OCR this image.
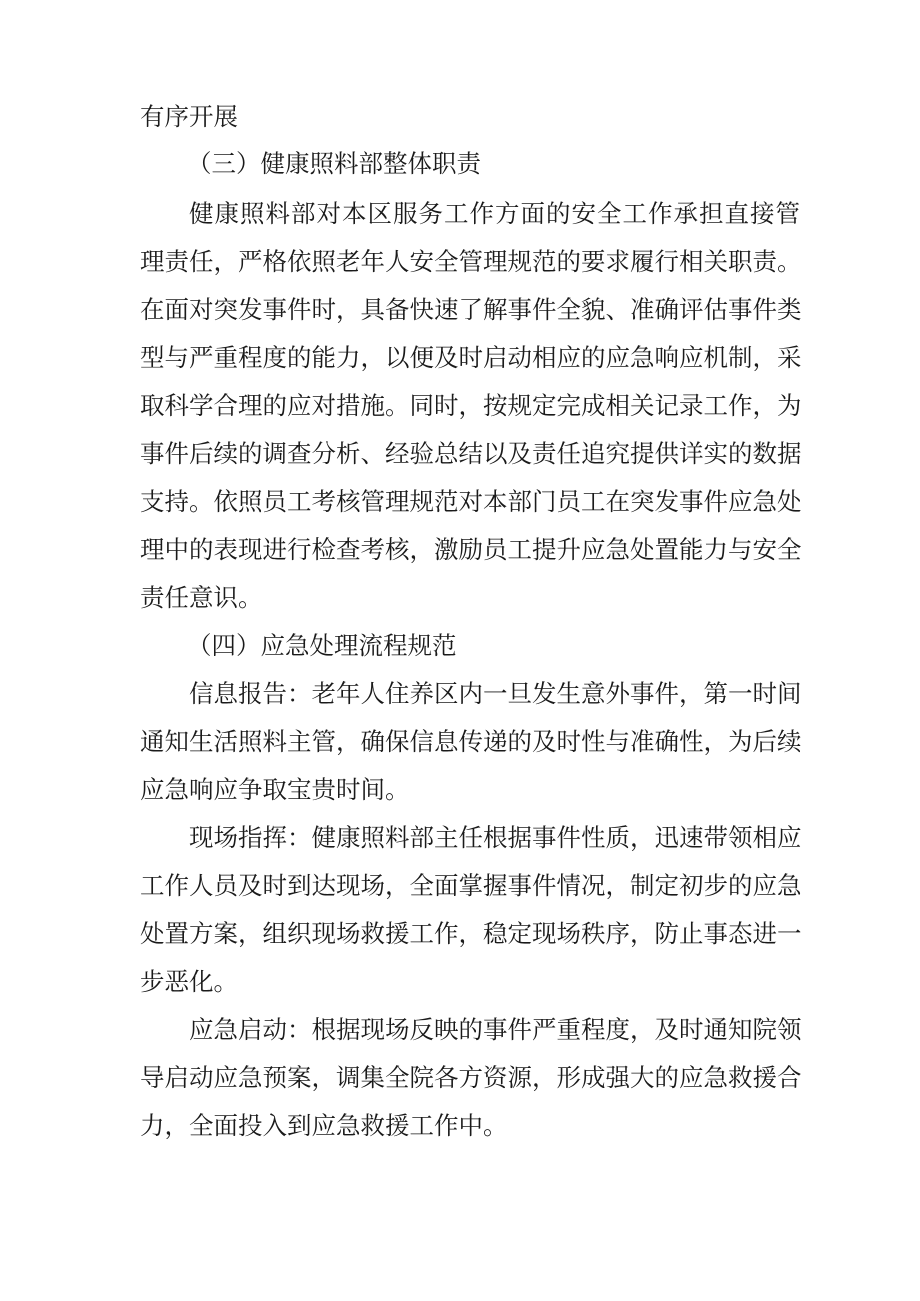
有序开展

（三）健康照料部整体职责

健康照料部对本区服务工作方面的安全工作承担直接管

理责任，严格依照老年人安全管理规范的要求履行相关职责。

在面对突发事件时，具备快速了解事件全貌、准确评估事件类

型与严重程度的能力，以便及时启动相应的应急响应机制，采

取科学合理的应对措施。同时，按规定完成相关记录工作，为

事件后续的调查分析、经验总结以及责任追究提供详实的数据

支持。依照员工考核管理规范对本部门员工在突发事件应急处

理中的表现进行检查考核，激励员工提升应急处置能力与安全

责任意识。

（四）应急处理流程规范

信息报告：老年人住养区内一旦发生意外事件，第一时间

通知生活照料主管，确保信息传递的及时性与准确性，为后续

应急响应争取宝贵时间。

现场指挥：健康照料部主任根据事件性质，迅速带领相应

工作人员及时到达现场，全面掌握事件情况，制定初步的应急

处置方案，组织现场救援工作，稳定现场秩序，防止事态进一

步恶化。

应急启动：根据现场反映的事件严重程度，及时通知院领

导启动应急预案，调集全院各方资源，形成强大的应急救援合

力，全面投入到应急救援工作中。
